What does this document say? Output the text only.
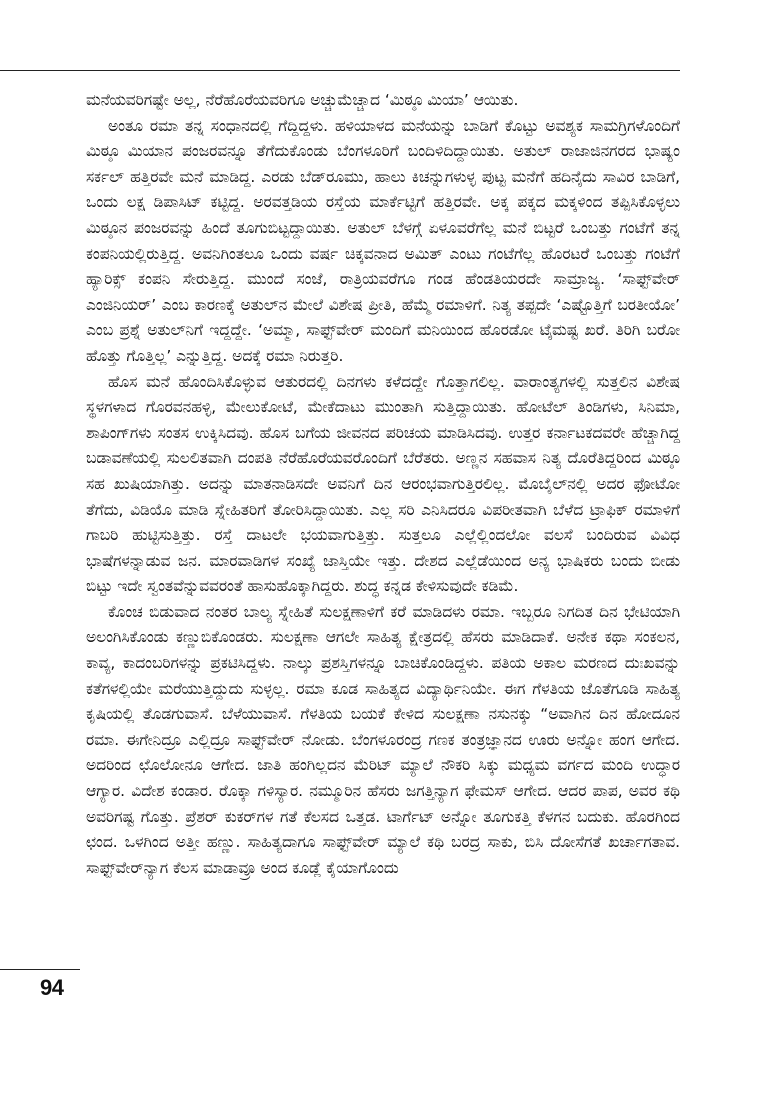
ಮನೆಯವರಿಗಷ್ಟೇ ಅಲ್ಲ, ನೆರೆಹೊರೆಯವರಿಗೂ ಅಚ್ಚುಮೆಚ್ಚಾದ ‘ಮಿಠ್ಠೂ ಮಿಯಾ’ ಆಯಿತು.

ಅಂತೂ ರಮಾ ತನ್ನ ಸಂಧಾನದಲ್ಲಿ ಗೆದ್ದಿದ್ದಳು. ಹಳಿಯಾಳದ ಮನೆಯನ್ನು ಬಾಡಿಗೆ ಕೊಟ್ಟು ಅವಶ್ಯಕ ಸಾಮಗ್ರಿಗಳೊಂದಿಗೆ ಮಿಠ್ಠೂ ಮಿಯಾನ ಪಂಜರವನ್ನೂ ತೆಗೆದುಕೊಂಡು ಬೆಂಗಳೂರಿಗೆ ಬಂದಿಳಿದಿದ್ದಾಯಿತು. ಅತುಲ್ ರಾಜಾಜಿನಗರದ ಭಾಷ್ಯಂ ಸರ್ಕಲ್ ಹತ್ತಿರವೇ ಮನೆ ಮಾಡಿದ್ದ. ಎರಡು ಬೆಡ್‌ರೂಮು, ಹಾಲು ಕಿಚನ್ನುಗಳುಳ್ಳ ಪುಟ್ಟ ಮನೆಗೆ ಹದಿನೈದು ಸಾವಿರ ಬಾಡಿಗೆ, ಒಂದು ಲಕ್ಷ ಡಿಪಾಸಿಟ್ ಕಟ್ಟಿದ್ದ. ಅರವತ್ತಡಿಯ ರಸ್ತೆಯ ಮಾರ್ಕೆಟ್ಟಿಗೆ ಹತ್ತಿರವೇ. ಅಕ್ಕ ಪಕ್ಕದ ಮಕ್ಕಳಿಂದ ತಪ್ಪಿಸಿಕೊಳ್ಳಲು ಮಿಠ್ಠೂನ ಪಂಜರವನ್ನು ಹಿಂದೆ ತೂಗುಬಿಟ್ಟದ್ದಾಯಿತು. ಅತುಲ್ ಬೆಳಗ್ಗೆ ಏಳೂವರೆಗೆಲ್ಲ ಮನೆ ಬಿಟ್ಟರೆ ಒಂಬತ್ತು ಗಂಟೆಗೆ ತನ್ನ ಕಂಪನಿಯಲ್ಲಿರುತ್ತಿದ್ದ. ಅವನಿಗಿಂತಲೂ ಒಂದು ವರ್ಷ ಚಿಕ್ಕವನಾದ ಅಮಿತ್ ಎಂಟು ಗಂಟೆಗೆಲ್ಲ ಹೊರಟರೆ ಒಂಬತ್ತು ಗಂಟೆಗೆ ಹ್ಯಾರಿಕ್ಸ್ ಕಂಪನಿ ಸೇರುತ್ತಿದ್ದ. ಮುಂದೆ ಸಂಜೆ, ರಾತ್ರಿಯವರೆಗೂ ಗಂಡ ಹೆಂಡತಿಯರದೇ ಸಾಮ್ರಾಜ್ಯ. ‘ಸಾಫ್ಟ್‌ವೇರ್ ಎಂಜಿನಿಯರ್’ ಎಂಬ ಕಾರಣಕ್ಕೆ ಅತುಲ್‌ನ ಮೇಲೆ ವಿಶೇಷ ಪ್ರೀತಿ, ಹೆಮ್ಮೆ ರಮಾಳಿಗೆ. ನಿತ್ಯ ತಪ್ಪದೇ ‘ಎಷ್ಟೊತ್ತಿಗೆ ಬರತೀಯೋ’ ಎಂಬ ಪ್ರಶ್ನೆ ಅತುಲ್‌ನಿಗೆ ಇದ್ದದ್ದೇ. ‘ಅಮ್ಮಾ, ಸಾಫ್ಟ್‌ವೇರ್ ಮಂದಿಗೆ ಮನಿಯಿಂದ ಹೊರಡೋ ಟೈಮಷ್ಟ ಖರೆ. ತಿರಿಗಿ ಬರೋ ಹೊತ್ತು ಗೊತ್ತಿಲ್ಲ’ ಎನ್ನುತ್ತಿದ್ದ. ಅದಕ್ಕೆ ರಮಾ ನಿರುತ್ತರಿ.

ಹೊಸ ಮನೆ ಹೊಂದಿಸಿಕೊಳ್ಳುವ ಆತುರದಲ್ಲಿ ದಿನಗಳು ಕಳೆದದ್ದೇ ಗೊತ್ತಾಗಲಿಲ್ಲ. ವಾರಾಂತ್ಯಗಳಲ್ಲಿ ಸುತ್ತಲಿನ ವಿಶೇಷ ಸ್ಥಳಗಳಾದ ಗೊರವನಹಳ್ಳಿ, ಮೇಲುಕೋಟೆ, ಮೇಕೆದಾಟು ಮುಂತಾಗಿ ಸುತ್ತಿದ್ದಾಯಿತು. ಹೋಟೆಲ್ ತಿಂಡಿಗಳು, ಸಿನಿಮಾ, ಶಾಪಿಂಗ್‌ಗಳು ಸಂತಸ ಉಕ್ಕಿಸಿದವು. ಹೊಸ ಬಗೆಯ ಜೀವನದ ಪರಿಚಯ ಮಾಡಿಸಿದವು. ಉತ್ತರ ಕರ್ನಾಟಕದವರೇ ಹೆಚ್ಚಾಗಿದ್ದ ಬಡಾವಣೆಯಲ್ಲಿ ಸುಲಲಿತವಾಗಿ ದಂಪತಿ ನೆರೆಹೊರೆಯವರೊಂದಿಗೆ ಬೆರೆತರು. ಅಣ್ಣನ ಸಹವಾಸ ನಿತ್ಯ ದೊರೆತಿದ್ದರಿಂದ ಮಿಠ್ಠೂ ಸಹ ಖುಷಿಯಾಗಿತ್ತು. ಅದನ್ನು ಮಾತನಾಡಿಸದೇ ಅವನಿಗೆ ದಿನ ಆರಂಭವಾಗುತ್ತಿರಲಿಲ್ಲ. ಮೊಬೈಲ್‌ನಲ್ಲಿ ಅದರ ಫೋಟೋ ತೆಗೆದು, ವಿಡಿಯೊ ಮಾಡಿ ಸ್ನೇಹಿತರಿಗೆ ತೋರಿಸಿದ್ದಾಯಿತು. ಎಲ್ಲ ಸರಿ ಎನಿಸಿದರೂ ವಿಪರೀತವಾಗಿ ಬೆಳೆದ ಟ್ರಾಫಿಕ್ ರಮಾಳಿಗೆ ಗಾಬರಿ ಹುಟ್ಟಿಸುತ್ತಿತ್ತು. ರಸ್ತೆ ದಾಟಲೇ ಭಯವಾಗುತ್ತಿತ್ತು. ಸುತ್ತಲೂ ಎಲ್ಲೆಲ್ಲಿಂದಲೋ ವಲಸೆ ಬಂದಿರುವ ವಿವಿಧ ಭಾಷೆಗಳನ್ನಾಡುವ ಜನ. ಮಾರವಾಡಿಗಳ ಸಂಖ್ಯೆ ಜಾಸ್ತಿಯೇ ಇತ್ತು. ದೇಶದ ಎಲ್ಲೆಡೆಯಿಂದ ಅನ್ಯ ಭಾಷಿಕರು ಬಂದು ಬೀಡು ಬಿಟ್ಟು ಇದೇ ಸ್ವಂತವೆನ್ನುವವರಂತೆ ಹಾಸುಹೊಕ್ಕಾಗಿದ್ದರು. ಶುದ್ಧ ಕನ್ನಡ ಕೇಳಿಸುವುದೇ ಕಡಿಮೆ.

ಕೊಂಚ ಬಿಡುವಾದ ನಂತರ ಬಾಲ್ಯ ಸ್ನೇಹಿತೆ ಸುಲಕ್ಷಣಾಳಿಗೆ ಕರೆ ಮಾಡಿದಳು ರಮಾ. ಇಬ್ಬರೂ ನಿಗದಿತ ದಿನ ಭೇಟಿಯಾಗಿ ಅಲಂಗಿಸಿಕೊಂಡು ಕಣ್ಣುಬಿಕೊಂಡರು. ಸುಲಕ್ಷಣಾ ಆಗಲೇ ಸಾಹಿತ್ಯ ಕ್ಷೇತ್ರದಲ್ಲಿ ಹೆಸರು ಮಾಡಿದಾಕೆ. ಅನೇಕ ಕಥಾ ಸಂಕಲನ, ಕಾವ್ಯ, ಕಾದಂಬರಿಗಳನ್ನು ಪ್ರಕಟಿಸಿದ್ದಳು. ನಾಲ್ಕು ಪ್ರಶಸ್ತಿಗಳನ್ನೂ ಬಾಚಿಕೊಂಡಿದ್ದಳು. ಪತಿಯ ಅಕಾಲ ಮರಣದ ದುಃಖವನ್ನು ಕತೆಗಳಲ್ಲಿಯೇ ಮರೆಯುತ್ತಿದ್ದುದು ಸುಳ್ಳಲ್ಲ. ರಮಾ ಕೂಡ ಸಾಹಿತ್ಯದ ವಿದ್ಯಾರ್ಥಿನಿಯೇ. ಈಗ ಗೆಳತಿಯ ಜೊತೆಗೂಡಿ ಸಾಹಿತ್ಯ ಕೃಷಿಯಲ್ಲಿ ತೊಡಗುವಾಸೆ. ಬೆಳೆಯುವಾಸೆ. ಗೆಳತಿಯ ಬಯಕೆ ಕೇಳಿದ ಸುಲಕ್ಷಣಾ ನಸುನಕ್ಕು “ಅವಾಗಿನ ದಿನ ಹೋದೂನ ರಮಾ. ಈಗೇನಿದ್ರೂ ಎಲ್ಲಿದ್ರೂ ಸಾಫ್ಟ್‌ವೇರ್ ನೋಡು. ಬೆಂಗಳೂರಂದ್ರ ಗಣಕ ತಂತ್ರಜ್ಞಾನದ ಊರು ಅನ್ನೋ ಹಂಗ ಆಗೇದ. ಅದರಿಂದ ಛೊಲೋನೂ ಆಗೇದ. ಜಾತಿ ಹಂಗಿಲ್ಲದನ ಮೆರಿಟ್ ಮ್ಯಾಲೆ ನೌಕರಿ ಸಿಕ್ಕು ಮಧ್ಯಮ ವರ್ಗದ ಮಂದಿ ಉದ್ಧಾರ ಆಗ್ಯಾರ. ವಿದೇಶ ಕಂಡಾರ. ರೊಕ್ಕಾ ಗಳಿಸ್ಯಾರ. ನಮ್ಮೂರಿನ ಹೆಸರು ಜಗತ್ತಿನ್ಯಾಗ ಫೇಮಸ್ ಆಗೇದ. ಆದರ ಪಾಪ, ಅವರ ಕಥಿ ಅವರಿಗಷ್ಟ ಗೊತ್ತು. ಪ್ರೆಶರ್ ಕುಕರ್‌ಗಳ ಗತೆ ಕೆಲಸದ ಒತ್ತಡ. ಟಾರ್ಗೆಟ್ ಅನ್ನೋ ತೂಗುಕತ್ತಿ ಕೆಳಗನ ಬದುಕು. ಹೊರಗಿಂದ ಛಂದ. ಒಳಗಿಂದ ಅತ್ತೀ ಹಣ್ಣು. ಸಾಹಿತ್ಯದಾಗೂ ಸಾಫ್ಟ್‌ವೇರ್ ಮ್ಯಾಲೆ ಕಥಿ ಬರದ್ರ ಸಾಕು, ಬಿಸಿ ದೋಸೆಗತೆ ಖರ್ಚಾಗತಾವ. ಸಾಫ್ಟ್‌ವೇರ್‌ನ್ಯಾಗ ಕೆಲಸ ಮಾಡಾವ್ರೂ ಅಂದ ಕೂಡ್ಲೆ ಕೈಯಾಗೊಂದು

94
